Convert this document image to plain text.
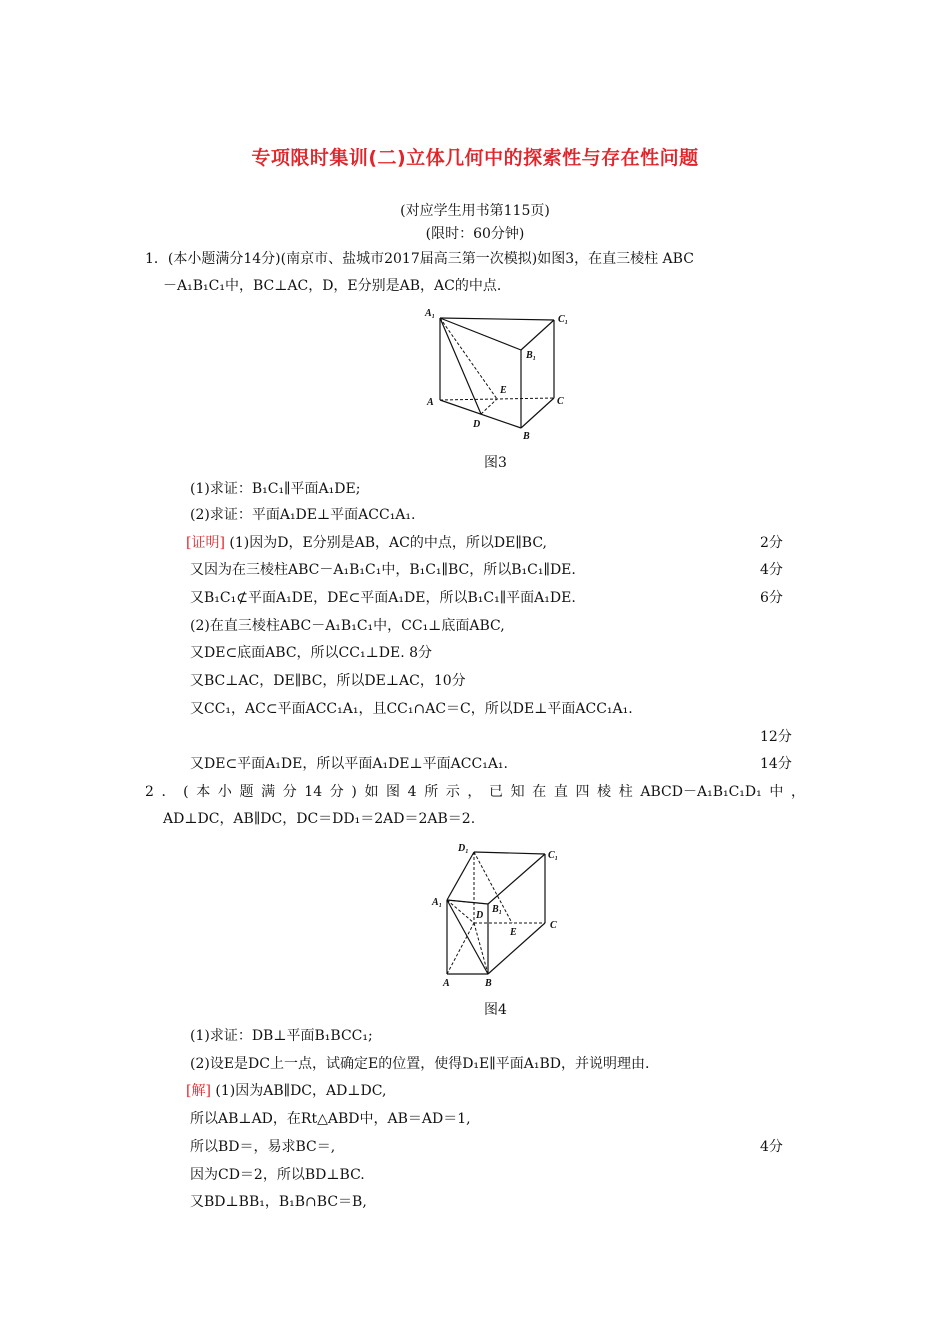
专项限时集训(二)立体几何中的探索性与存在性问题
(对应学生用书第115页)
(限时：60分钟)
1．(本小题满分14分)(南京市、盐城市2017届高三第一次模拟)如图3，在直三棱柱 ABC
－A₁B₁C₁中，BC⊥AC，D，E分别是AB，AC的中点．
A₁
C₁
B₁
E
A	C
D
B
图3
(1)求证：B₁C₁∥平面A₁DE;
(2)求证：平面A₁DE⊥平面ACC₁A₁.
[证明] (1)因为D，E分别是AB，AC的中点，所以DE∥BC,	2分
又因为在三棱柱ABC－A₁B₁C₁中，B₁C₁∥BC，所以B₁C₁∥DE.	4分
又B₁C₁⊄平面A₁DE，DE⊂平面A₁DE，所以B₁C₁∥平面A₁DE.	6分
(2)在直三棱柱ABC－A₁B₁C₁中，CC₁⊥底面ABC,
又DE⊂底面ABC，所以CC₁⊥DE. 8分
又BC⊥AC，DE∥BC，所以DE⊥AC，10分
又CC₁，AC⊂平面ACC₁A₁，且CC₁∩AC＝C，所以DE⊥平面ACC₁A₁.
12分
又DE⊂平面A₁DE，所以平面A₁DE⊥平面ACC₁A₁.	14分
2．(本小题满分14分)如图4所示，已知在直四棱柱ABCD－A₁B₁C₁D₁中，
AD⊥DC，AB∥DC，DC＝DD₁＝2AD＝2AB＝2.
D₁
C₁
A₁
D
B₁
E
C
A	B
图4
(1)求证：DB⊥平面B₁BCC₁;
(2)设E是DC上一点，试确定E的位置，使得D₁E∥平面A₁BD，并说明理由.
[解] (1)因为AB∥DC，AD⊥DC,
所以AB⊥AD，在Rt△ABD中，AB＝AD＝1,
所以BD＝，易求BC＝,	4分
因为CD＝2，所以BD⊥BC.
又BD⊥BB₁，B₁B∩BC＝B,
